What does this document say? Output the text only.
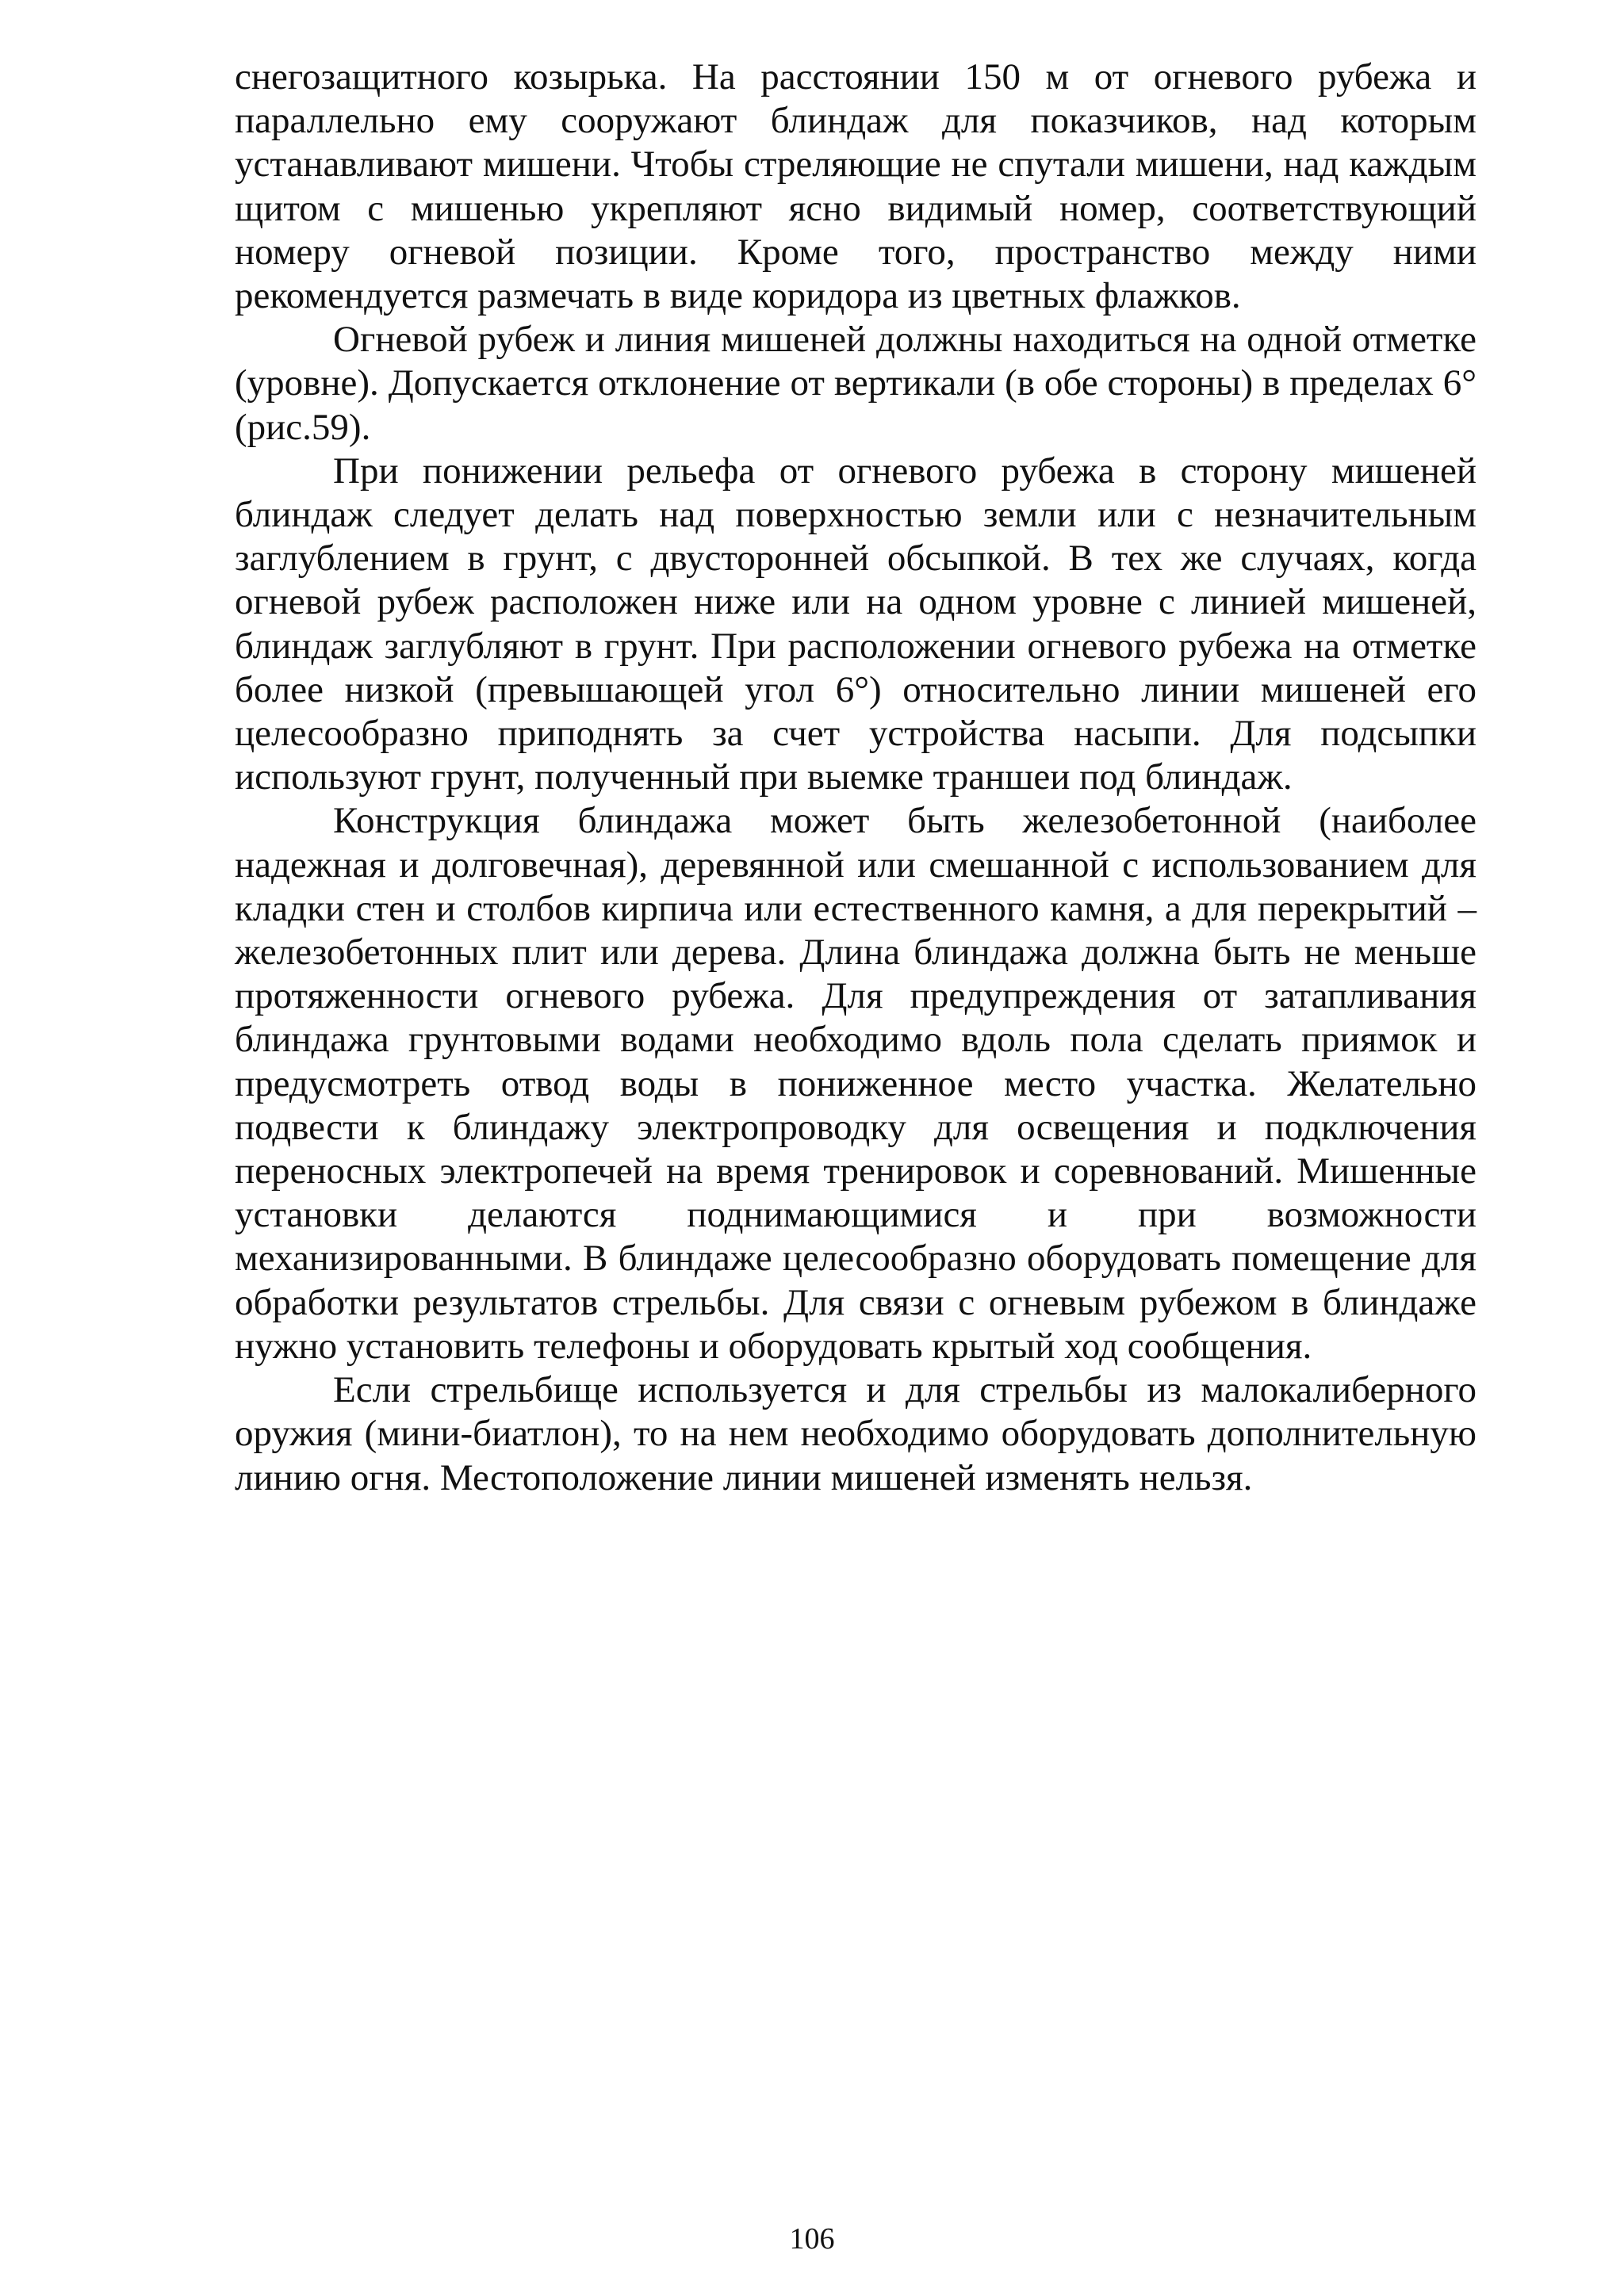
снегозащитного козырька. На расстоянии 150 м от огневого рубежа и параллельно ему сооружают блиндаж для показчиков, над которым устанавливают мишени. Чтобы стреляющие не спутали мишени, над каждым щитом с мишенью укрепляют ясно видимый номер, соответствующий номеру огневой позиции. Кроме того, пространство между ними рекомендуется размечать в виде коридора из цветных флажков.

Огневой рубеж и линия мишеней должны находиться на одной отметке (уровне). Допускается отклонение от вертикали (в обе стороны) в пределах 6°(рис.59).

При понижении рельефа от огневого рубежа в сторону мишеней блиндаж следует делать над поверхностью земли или с незначительным заглублением в грунт, с двусторонней обсыпкой. В тех же случаях, когда огневой рубеж расположен ниже или на одном уровне с линией мишеней, блиндаж заглубляют в грунт. При расположении огневого рубежа на отметке более низкой (превышающей угол 6°) относительно линии мишеней его целесообразно приподнять за счет устройства насыпи. Для подсыпки используют грунт, полученный при выемке траншеи под блиндаж.

Конструкция блиндажа может быть железобетонной (наиболее надежная и долговечная), деревянной или смешанной с использованием для кладки стен и столбов кирпича или естественного камня, а для перекрытий – железобетонных плит или дерева. Длина блиндажа должна быть не меньше протяженности огневого рубежа. Для предупреждения от затапливания блиндажа грунтовыми водами необходимо вдоль пола сделать приямок и предусмотреть отвод воды в пониженное место участка. Желательно подвести к блиндажу электропроводку для освещения и подключения переносных электропечей на время тренировок и соревнований. Мишенные установки делаются поднимающимися и при возможности механизированными. В блиндаже целесообразно оборудовать помещение для обработки результатов стрельбы. Для связи с огневым рубежом в блиндаже нужно установить телефоны и оборудовать крытый ход сообщения.

Если стрельбище используется и для стрельбы из малокалиберного оружия (мини-биатлон), то на нем необходимо оборудовать дополнительную линию огня. Местоположение линии мишеней изменять нельзя.

106
